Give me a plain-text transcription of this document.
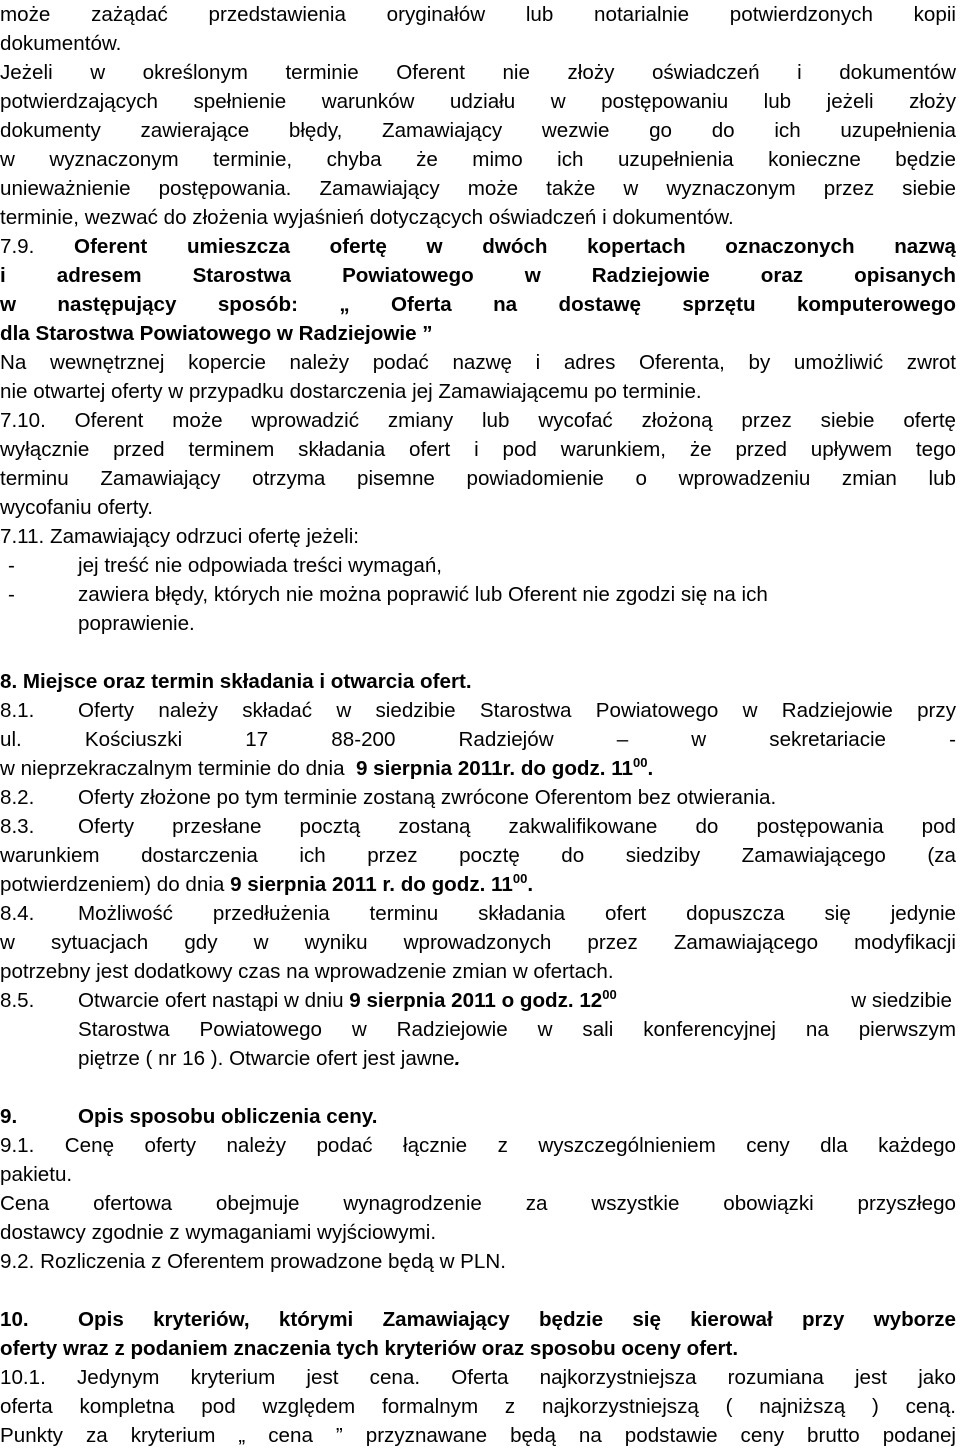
może zażądać przedstawienia oryginałów lub notarialnie potwierdzonych kopii
dokumentów.
Jeżeli w określonym terminie Oferent nie złoży oświadczeń i dokumentów
potwierdzających spełnienie warunków udziału w postępowaniu lub jeżeli złoży
dokumenty zawierające błędy, Zamawiający wezwie go do ich uzupełnienia
w wyznaczonym terminie, chyba że mimo ich uzupełnienia konieczne będzie
unieważnienie postępowania. Zamawiający może także w wyznaczonym przez siebie
terminie, wezwać do złożenia wyjaśnień dotyczących oświadczeń i dokumentów.
7.9. Oferent umieszcza ofertę w dwóch kopertach oznaczonych nazwą
i adresem Starostwa Powiatowego w Radziejowie oraz opisanych
w następujący sposób: „ Oferta na dostawę sprzętu komputerowego
dla Starostwa Powiatowego w Radziejowie ”
Na wewnętrznej kopercie należy podać nazwę i adres Oferenta, by umożliwić zwrot
nie otwartej oferty w przypadku dostarczenia jej Zamawiającemu po terminie.
7.10. Oferent może wprowadzić zmiany lub wycofać złożoną przez siebie ofertę
wyłącznie przed terminem składania ofert i pod warunkiem, że przed upływem tego
terminu Zamawiający otrzyma pisemne powiadomienie o wprowadzeniu zmian lub
wycofaniu oferty.
7.11. Zamawiający odrzuci ofertę jeżeli:
-	jej treść nie odpowiada treści wymagań,
-	zawiera błędy, których nie można poprawić lub Oferent nie zgodzi się na ich
poprawienie.
8. Miejsce oraz termin składania i otwarcia ofert.
8.1. Oferty należy składać w siedzibie Starostwa Powiatowego w Radziejowie przy
ul. Kościuszki 17 88-200 Radziejów – w sekretariacie -
w nieprzekraczalnym terminie do dnia 9 sierpnia 2011r. do godz. $11^{00}$.
8.2. Oferty złożone po tym terminie zostaną zwrócone Oferentom bez otwierania.
8.3. Oferty przesłane pocztą zostaną zakwalifikowane do postępowania pod
warunkiem dostarczenia ich przez pocztę do siedziby Zamawiającego (za
potwierdzeniem) do dnia 9 sierpnia 2011 r. do godz. $11^{00}$.
8.4. Możliwość przedłużenia terminu składania ofert dopuszcza się jedynie
w sytuacjach gdy w wyniku wprowadzonych przez Zamawiającego modyfikacji
potrzebny jest dodatkowy czas na wprowadzenie zmian w ofertach.
8.5. Otwarcie ofert nastąpi w dniu 9 sierpnia 2011 o godz. $12^{00}$	w siedzibie
Starostwa Powiatowego w Radziejowie w sali konferencyjnej na pierwszym
piętrze ( nr 16 ). Otwarcie ofert jest jawne.
9.	Opis sposobu obliczenia ceny.
9.1. Cenę oferty należy podać łącznie z wyszczególnieniem ceny dla każdego
pakietu.
Cena ofertowa obejmuje wynagrodzenie za wszystkie obowiązki przyszłego
dostawcy zgodnie z wymaganiami wyjściowymi.
9.2. Rozliczenia z Oferentem prowadzone będą w PLN.
10. Opis kryteriów, którymi Zamawiający będzie się kierował przy wyborze
oferty wraz z podaniem znaczenia tych kryteriów oraz sposobu oceny ofert.
10.1. Jedynym kryterium jest cena. Oferta najkorzystniejsza rozumiana jest jako
oferta kompletna pod względem formalnym z najkorzystniejszą ( najniższą ) ceną.
Punkty za kryterium „ cena ” przyznawane będą na podstawie ceny brutto podanej
